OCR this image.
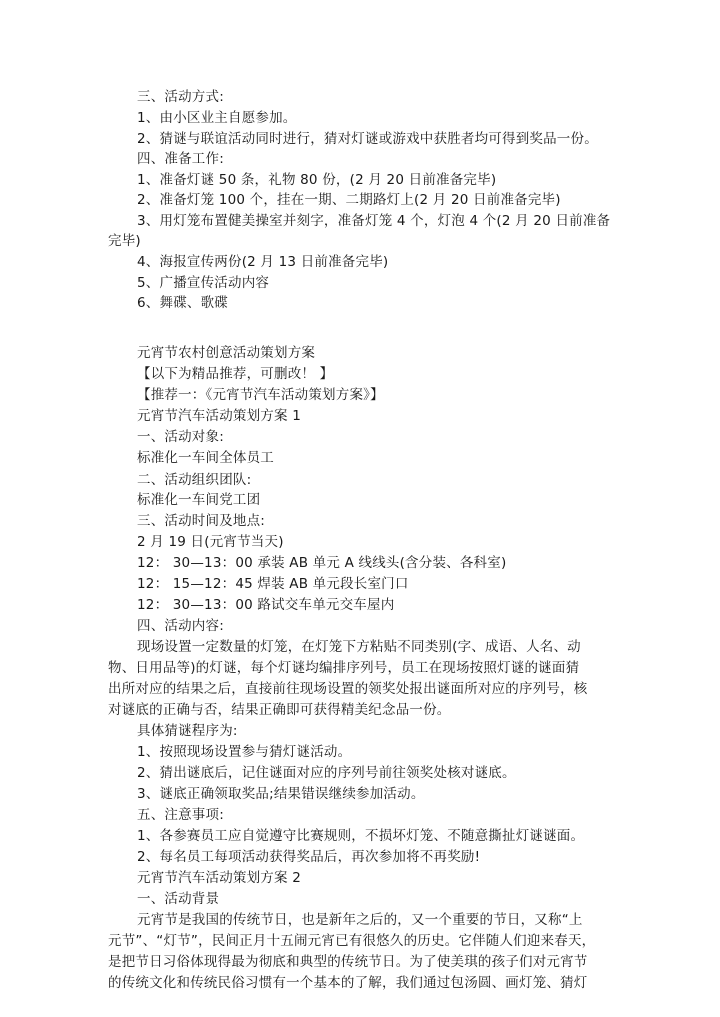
三、活动方式:
1、由小区业主自愿参加。
2、猜谜与联谊活动同时进行，猜对灯谜或游戏中获胜者均可得到奖品一份。
四、准备工作:
1、准备灯谜 50 条，礼物 80 份，(2 月 20 日前准备完毕)
2、准备灯笼 100 个，挂在一期、二期路灯上(2 月 20 日前准备完毕)
3、用灯笼布置健美操室并刻字，准备灯笼 4 个，灯泡 4 个(2 月 20 日前准备
完毕)
4、海报宣传两份(2 月 13 日前准备完毕)
5、广播宣传活动内容
6、舞碟、歌碟
元宵节农村创意活动策划方案
【以下为精品推荐，可删改！ 】
【推荐一：《元宵节汽车活动策划方案》】
元宵节汽车活动策划方案 1
一、活动对象:
标准化一车间全体员工
二、活动组织团队:
标准化一车间党工团
三、活动时间及地点:
2 月 19 日(元宵节当天)
12： 30—13：00 承装 AB 单元 A 线线头(含分装、各科室)
12： 15—12：45 焊装 AB 单元段长室门口
12： 30—13：00 路试交车单元交车屋内
四、活动内容:
现场设置一定数量的灯笼，在灯笼下方粘贴不同类别(字、成语、人名、动
物、日用品等)的灯谜，每个灯谜均编排序列号，员工在现场按照灯谜的谜面猜
出所对应的结果之后，直接前往现场设置的领奖处报出谜面所对应的序列号，核
对谜底的正确与否，结果正确即可获得精美纪念品一份。
具体猜谜程序为:
1、按照现场设置参与猜灯谜活动。
2、猜出谜底后，记住谜面对应的序列号前往领奖处核对谜底。
3、谜底正确领取奖品;结果错误继续参加活动。
五、注意事项:
1、各参赛员工应自觉遵守比赛规则，不损坏灯笼、不随意撕扯灯谜谜面。
2、每名员工每项活动获得奖品后，再次参加将不再奖励!
元宵节汽车活动策划方案 2
一、活动背景
元宵节是我国的传统节日，也是新年之后的，又一个重要的节日，又称“上
元节”、“灯节”，民间正月十五闹元宵已有很悠久的历史。它伴随人们迎来春天，
是把节日习俗体现得最为彻底和典型的传统节日。为了使美琪的孩子们对元宵节
的传统文化和传统民俗习惯有一个基本的了解，我们通过包汤圆、画灯笼、猜灯
